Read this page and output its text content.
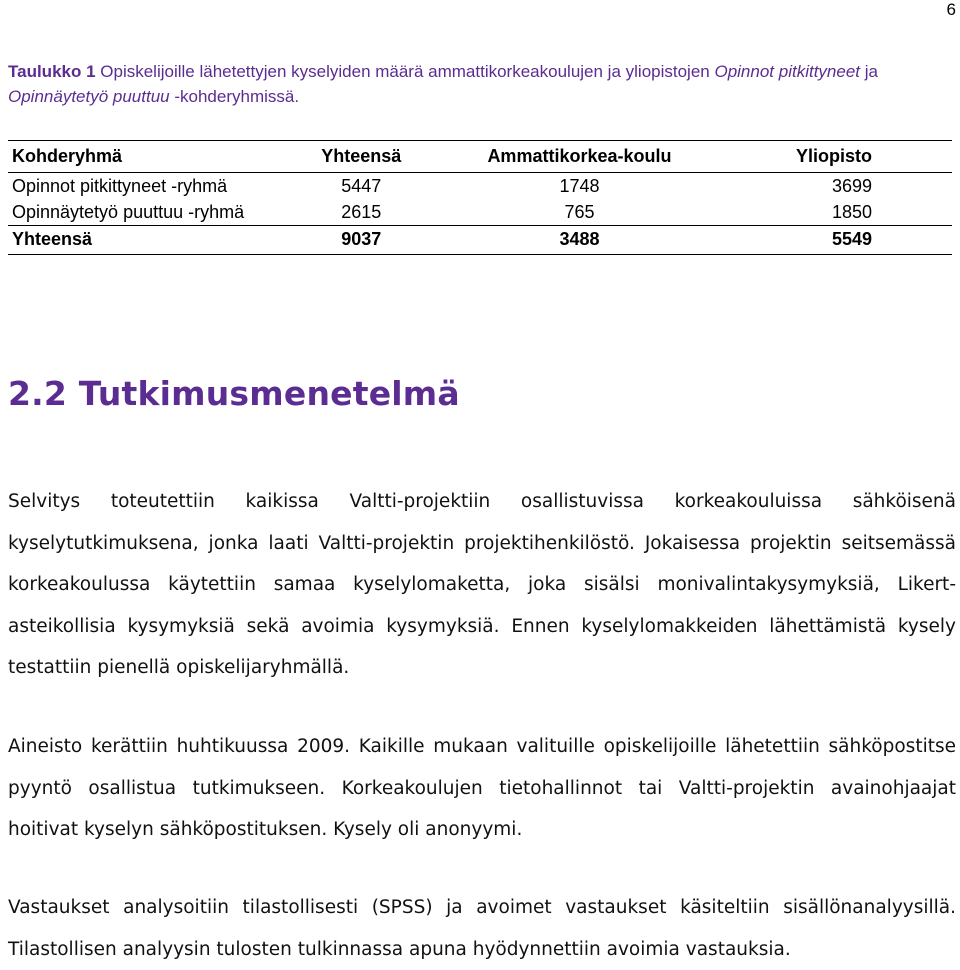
6
Taulukko 1 Opiskelijoille lähetettyjen kyselyiden määrä ammattikorkeakoulujen ja yliopistojen Opinnot pitkittyneet ja Opinnäytetyö puuttuu -kohderyhmissä.
Kohderyhmä	Yhteensä	Ammattikorkea-koulu	Yliopisto
Opinnot pitkittyneet -ryhmä	5447	1748	3699
Opinnäytetyö puuttuu -ryhmä	2615	765	1850
Yhteensä	9037	3488	5549
2.2 Tutkimusmenetelmä

Selvitys toteutettiin kaikissa Valtti-projektiin osallistuvissa korkeakouluissa sähköisenä kyselytutkimuksena, jonka laati Valtti-projektin projektihenkilöstö. Jokaisessa projektin seitsemässä korkeakoulussa käytettiin samaa kyselylomaketta, joka sisälsi monivalintakysymyksiä, Likert-asteikollisia kysymyksiä sekä avoimia kysymyksiä. Ennen kyselylomakkeiden lähettämistä kysely testattiin pienellä opiskelijaryhmällä.

Aineisto kerättiin huhtikuussa 2009. Kaikille mukaan valituille opiskelijoille lähetettiin sähköpostitse pyyntö osallistua tutkimukseen. Korkeakoulujen tietohallinnot tai Valtti-projektin avainohjaajat hoitivat kyselyn sähköpostituksen. Kysely oli anonyymi.

Vastaukset analysoitiin tilastollisesti (SPSS) ja avoimet vastaukset käsiteltiin sisällönanalyysillä. Tilastollisen analyysin tulosten tulkinnassa apuna hyödynnettiin avoimia vastauksia.
